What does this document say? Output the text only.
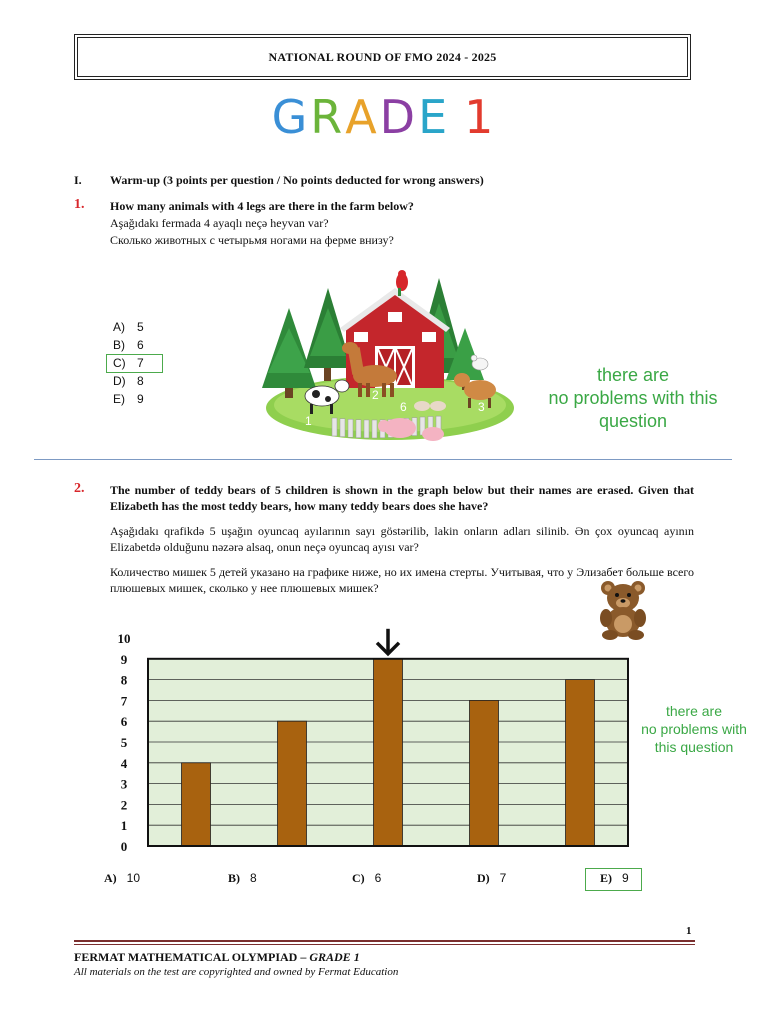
NATIONAL ROUND OF FMO 2024 - 2025
GRADE 1
I. Warm-up (3 points per question / No points deducted for wrong answers)
1. How many animals with 4 legs are there in the farm below?
Aşağıdakı fermada 4 ayaqlı neçə heyvan var?
Сколько животных с четырьмя ногами на ферме внизу?
A) 5
B) 6
C) 7
D) 8
E) 9
1
2
3
4 5
6
there are
no problems with this
question
2. The number of teddy bears of 5 children is shown in the graph below but their names are erased. Given that Elizabeth has the most teddy bears, how many teddy bears does she have?
Aşağıdakı qrafikdə 5 uşağın oyuncaq ayılarının sayı göstərilib, lakin onların adları silinib. Ən çox oyuncaq ayının Elizabetdə olduğunu nəzərə alsaq, onun neçə oyuncaq ayısı var?
Количество мишек 5 детей указано на графике ниже, но их имена стерты. Учитывая, что у Элизабет больше всего плюшевых мишек, сколько у нее плюшевых мишек?
0
1
2
3
4
5
6
7
8
9
10
there are
no problems with
this question
A) 10	B) 8	C) 6	D) 7	E) 9
1
FERMAT MATHEMATICAL OLYMPIAD – GRADE 1
All materials on the test are copyrighted and owned by Fermat Education
